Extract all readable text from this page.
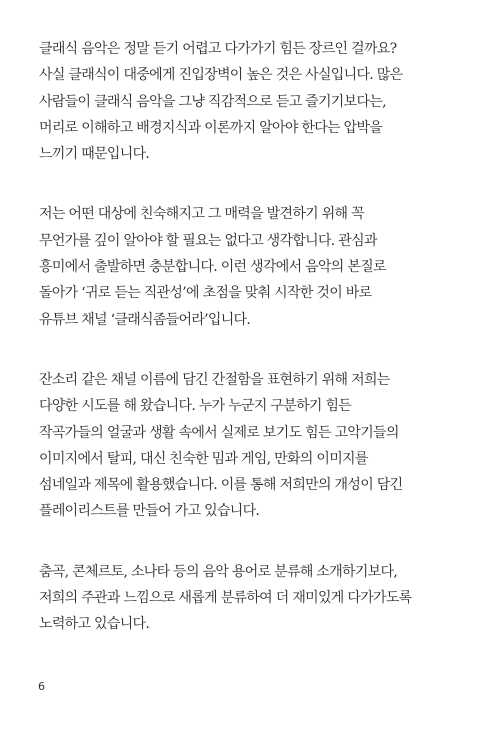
클래식 음악은 정말 듣기 어렵고 다가가기 힘든 장르인 걸까요?
사실 클래식이 대중에게 진입장벽이 높은 것은 사실입니다. 많은
사람들이 클래식 음악을 그냥 직감적으로 듣고 즐기기보다는,
머리로 이해하고 배경지식과 이론까지 알아야 한다는 압박을
느끼기 때문입니다.

저는 어떤 대상에 친숙해지고 그 매력을 발견하기 위해 꼭
무언가를 깊이 알아야 할 필요는 없다고 생각합니다. 관심과
흥미에서 출발하면 충분합니다. 이런 생각에서 음악의 본질로
돌아가 ‘귀로 듣는 직관성’에 초점을 맞춰 시작한 것이 바로
유튜브 채널 ‘클래식좀들어라’입니다.

잔소리 같은 채널 이름에 담긴 간절함을 표현하기 위해 저희는
다양한 시도를 해 왔습니다. 누가 누군지 구분하기 힘든
작곡가들의 얼굴과 생활 속에서 실제로 보기도 힘든 고악기들의
이미지에서 탈피, 대신 친숙한 밈과 게임, 만화의 이미지를
섬네일과 제목에 활용했습니다. 이를 통해 저희만의 개성이 담긴
플레이리스트를 만들어 가고 있습니다.

춤곡, 콘체르토, 소나타 등의 음악 용어로 분류해 소개하기보다,
저희의 주관과 느낌으로 새롭게 분류하여 더 재미있게 다가가도록
노력하고 있습니다.

6
